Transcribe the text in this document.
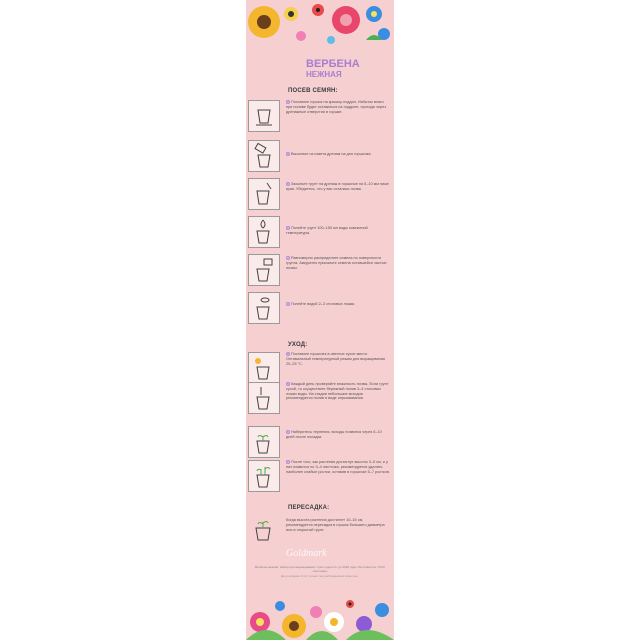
ВЕРБЕНА
НЕЖНАЯ
ПОСЕВ СЕМЯН:
1 Поставьте горшок на крышку-поддон. Избыток влаги при поливе будет оставаться на поддоне, проходя через дренажные отверстия в горшке.
2 Высыпьте из пакета дренаж на дно горшочка.
3 Засыпьте грунт на дренаж в горшочке на 5–10 мм ниже края. Убедитесь, что у вас осталась почва.
4 Полейте грунт 100–150 мл воды комнатной температуры.
5 Равномерно распределите семена по поверхности грунта. Аккуратно присыпьте семена оставшейся частью почвы.
6 Полейте водой 2–3 столовых ложки.
УХОД:
1 Поставьте горшочек в светлое сухое место. Оптимальный температурный режим для выращивания 20–25 °С.
2 Каждый день проверяйте влажность почвы. Если грунт сухой, то осуществите бережный полив 3–4 столовых ложки воды. На стадии небольших всходов рекомендуется полив в виде опрыскивания.
3 Наберитесь терпения, всходы появятся через 5–10 дней после посадки.
4 После того, как растения достигнут высоты 3–5 см, и у них появится по 3–4 листочка, рекомендуется удалить наиболее слабые ростки, оставив в горшочке 5–7 ростков.
ПЕРЕСАДКА:
Когда высота растения достигнет 10–15 см, рекомендуется пересадка в горшок большего диаметра или в открытый грунт.
Goldmark
Вербена нежная. Набор для выращивания. Срок годности: до 2026 года. Изготовитель: ООО «Кулинар»
Дети младше 3 лет только под наблюдением взрослых.
